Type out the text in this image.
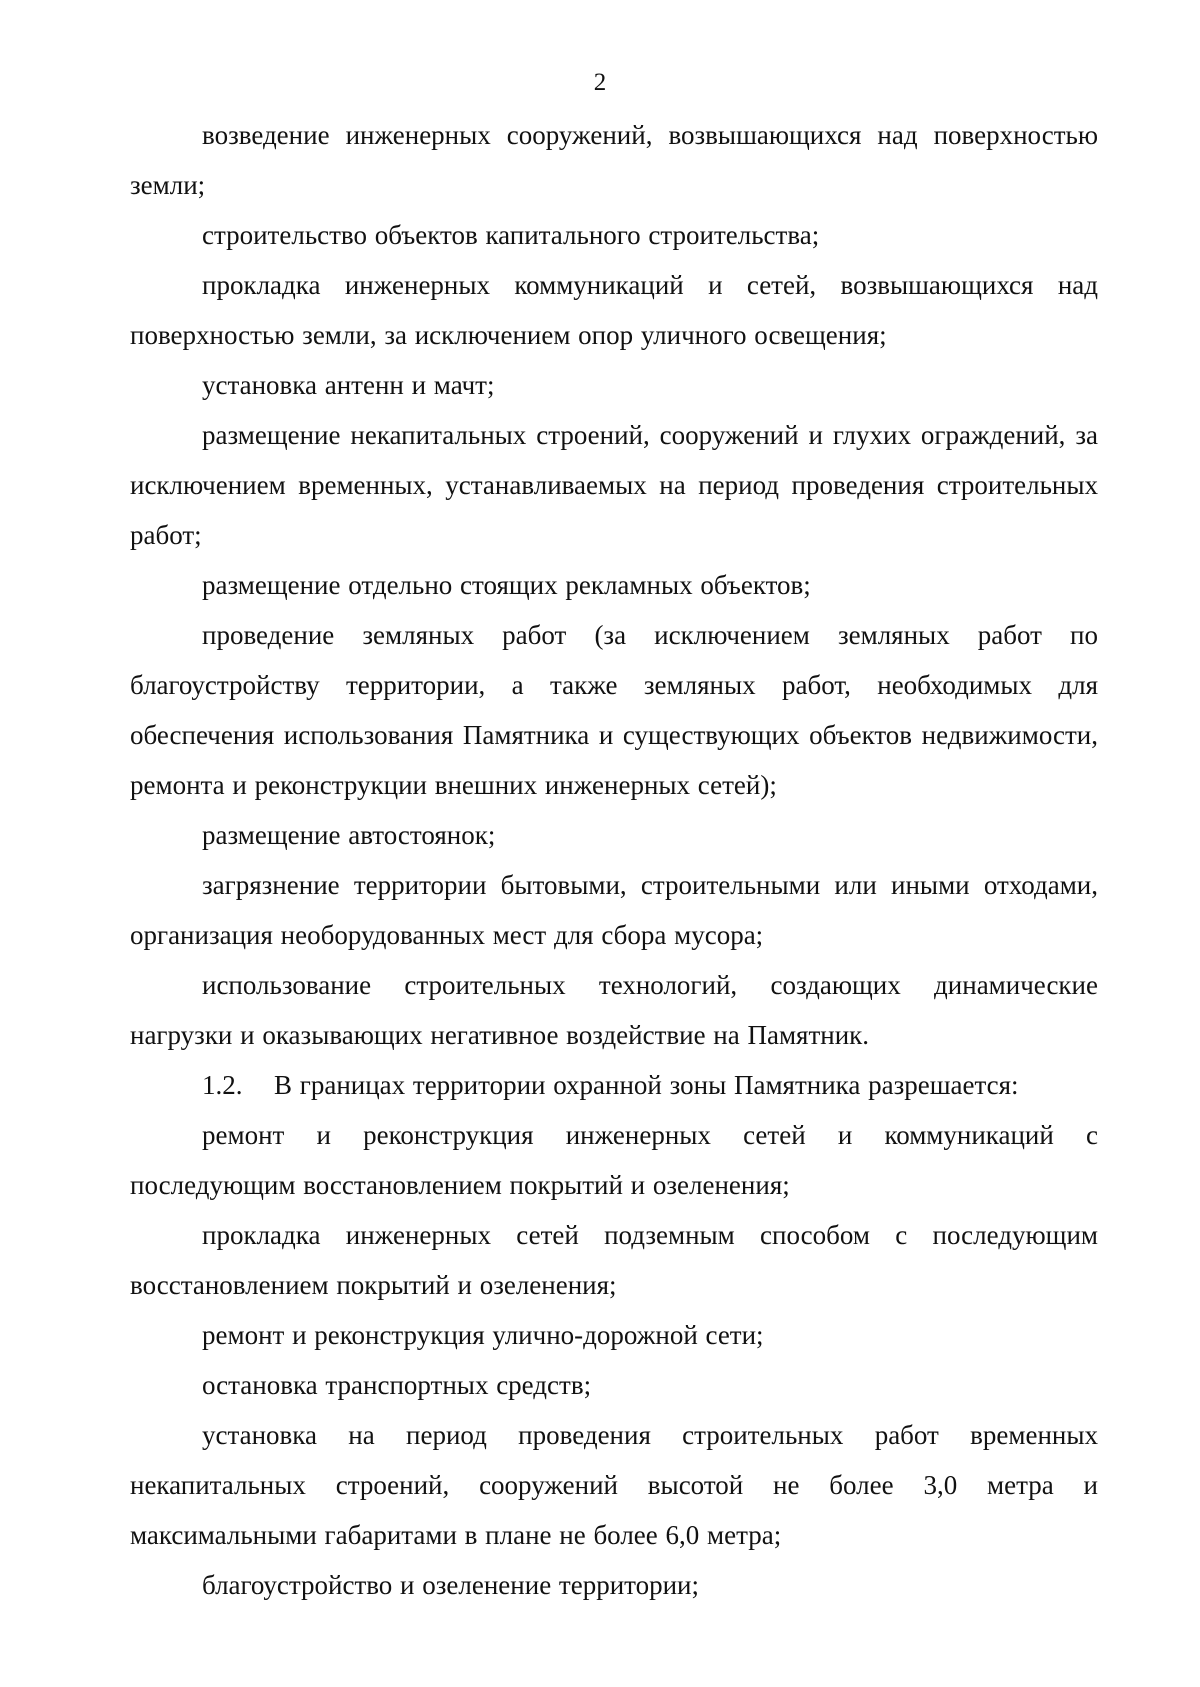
2

возведение инженерных сооружений, возвышающихся над поверхностью земли;

строительство объектов капитального строительства;

прокладка инженерных коммуникаций и сетей, возвышающихся над поверхностью земли, за исключением опор уличного освещения;

установка антенн и мачт;

размещение некапитальных строений, сооружений и глухих ограждений, за исключением временных, устанавливаемых на период проведения строительных работ;

размещение отдельно стоящих рекламных объектов;

проведение земляных работ (за исключением земляных работ по благоустройству территории, а также земляных работ, необходимых для обеспечения использования Памятника и существующих объектов недвижимости, ремонта и реконструкции внешних инженерных сетей);

размещение автостоянок;

загрязнение территории бытовыми, строительными или иными отходами, организация необорудованных мест для сбора мусора;

использование строительных технологий, создающих динамические нагрузки и оказывающих негативное воздействие на Памятник.

1.2. В границах территории охранной зоны Памятника разрешается:

ремонт и реконструкция инженерных сетей и коммуникаций с последующим восстановлением покрытий и озеленения;

прокладка инженерных сетей подземным способом с последующим восстановлением покрытий и озеленения;

ремонт и реконструкция улично-дорожной сети;

остановка транспортных средств;

установка на период проведения строительных работ временных некапитальных строений, сооружений высотой не более 3,0 метра и максимальными габаритами в плане не более 6,0 метра;

благоустройство и озеленение территории;
